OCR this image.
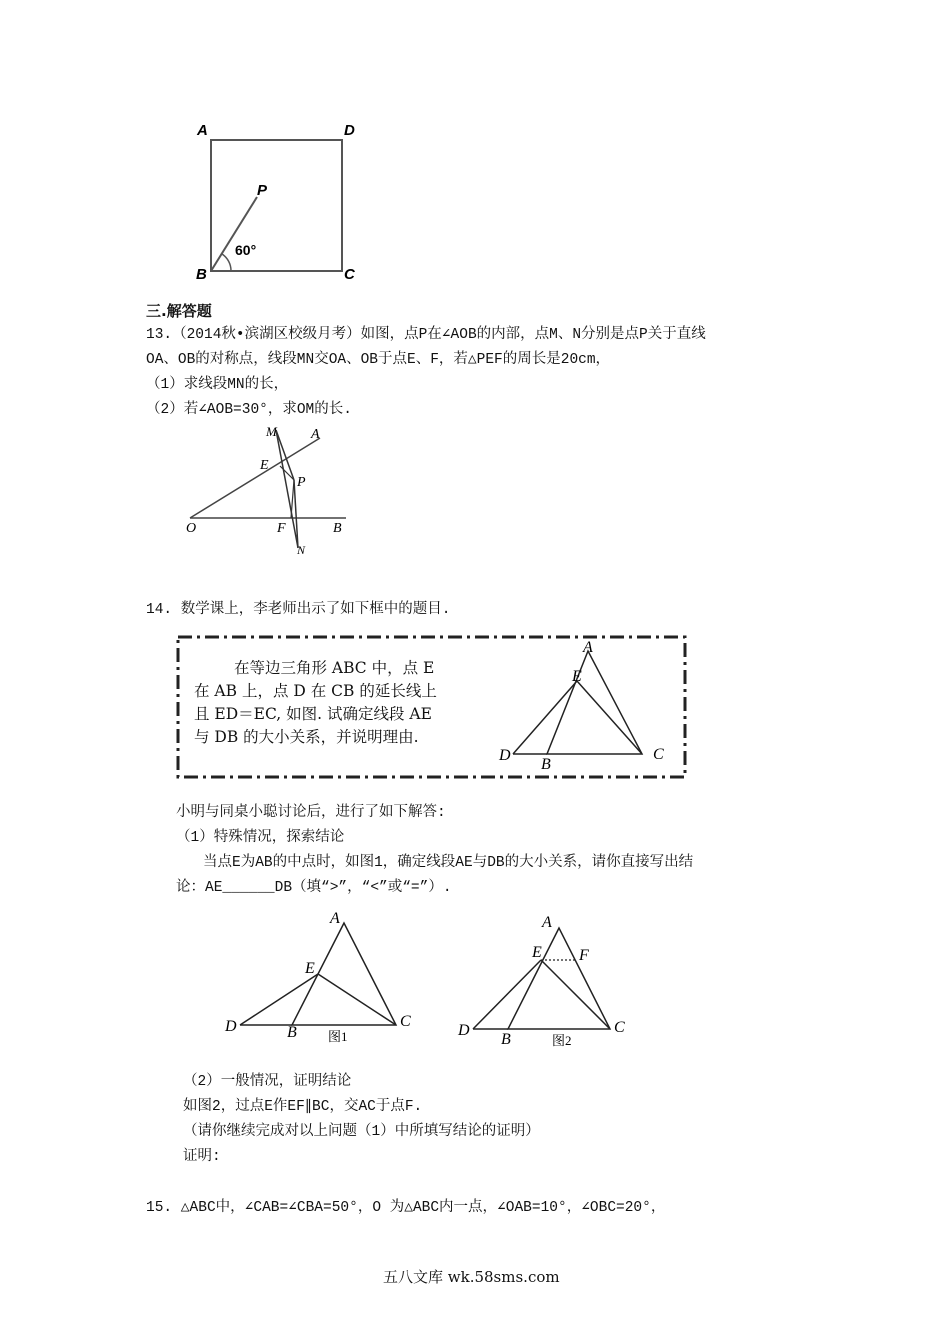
A	D
B	C
P
60°
三.解答题
13.（2014秋•滨湖区校级月考）如图，点P在∠AOB的内部，点M、N分别是点P关于直线
OA、OB的对称点，线段MN交OA、OB于点E、F，若△PEF的周长是20cm，
（1）求线段MN的长，
（2）若∠AOB=30°，求OM的长.
M A
E
P
O	F	B
N
14. 数学课上，李老师出示了如下框中的题目.
在等边三角形 ABC 中，点 E
在 AB 上，点 D 在 CB 的延长线上
且 ED＝EC, 如图. 试确定线段 AE
与 DB 的大小关系，并说明理由.
A
E
D
B
C
小明与同桌小聪讨论后，进行了如下解答:
（1）特殊情况，探索结论
当点E为AB的中点时，如图1，确定线段AE与DB的大小关系，请你直接写出结
论：AE______DB（填“>”，“<”或“=”）.
A
E
D	B
C
图1
A
E F
D
B
C
图2
（2）一般情况，证明结论
如图2，过点E作EF∥BC，交AC于点F.
（请你继续完成对以上问题（1）中所填写结论的证明）
证明:
15. △ABC中，∠CAB=∠CBA=50°，O 为△ABC内一点，∠OAB=10°，∠OBC=20°，
五八文库 wk.58sms.com
